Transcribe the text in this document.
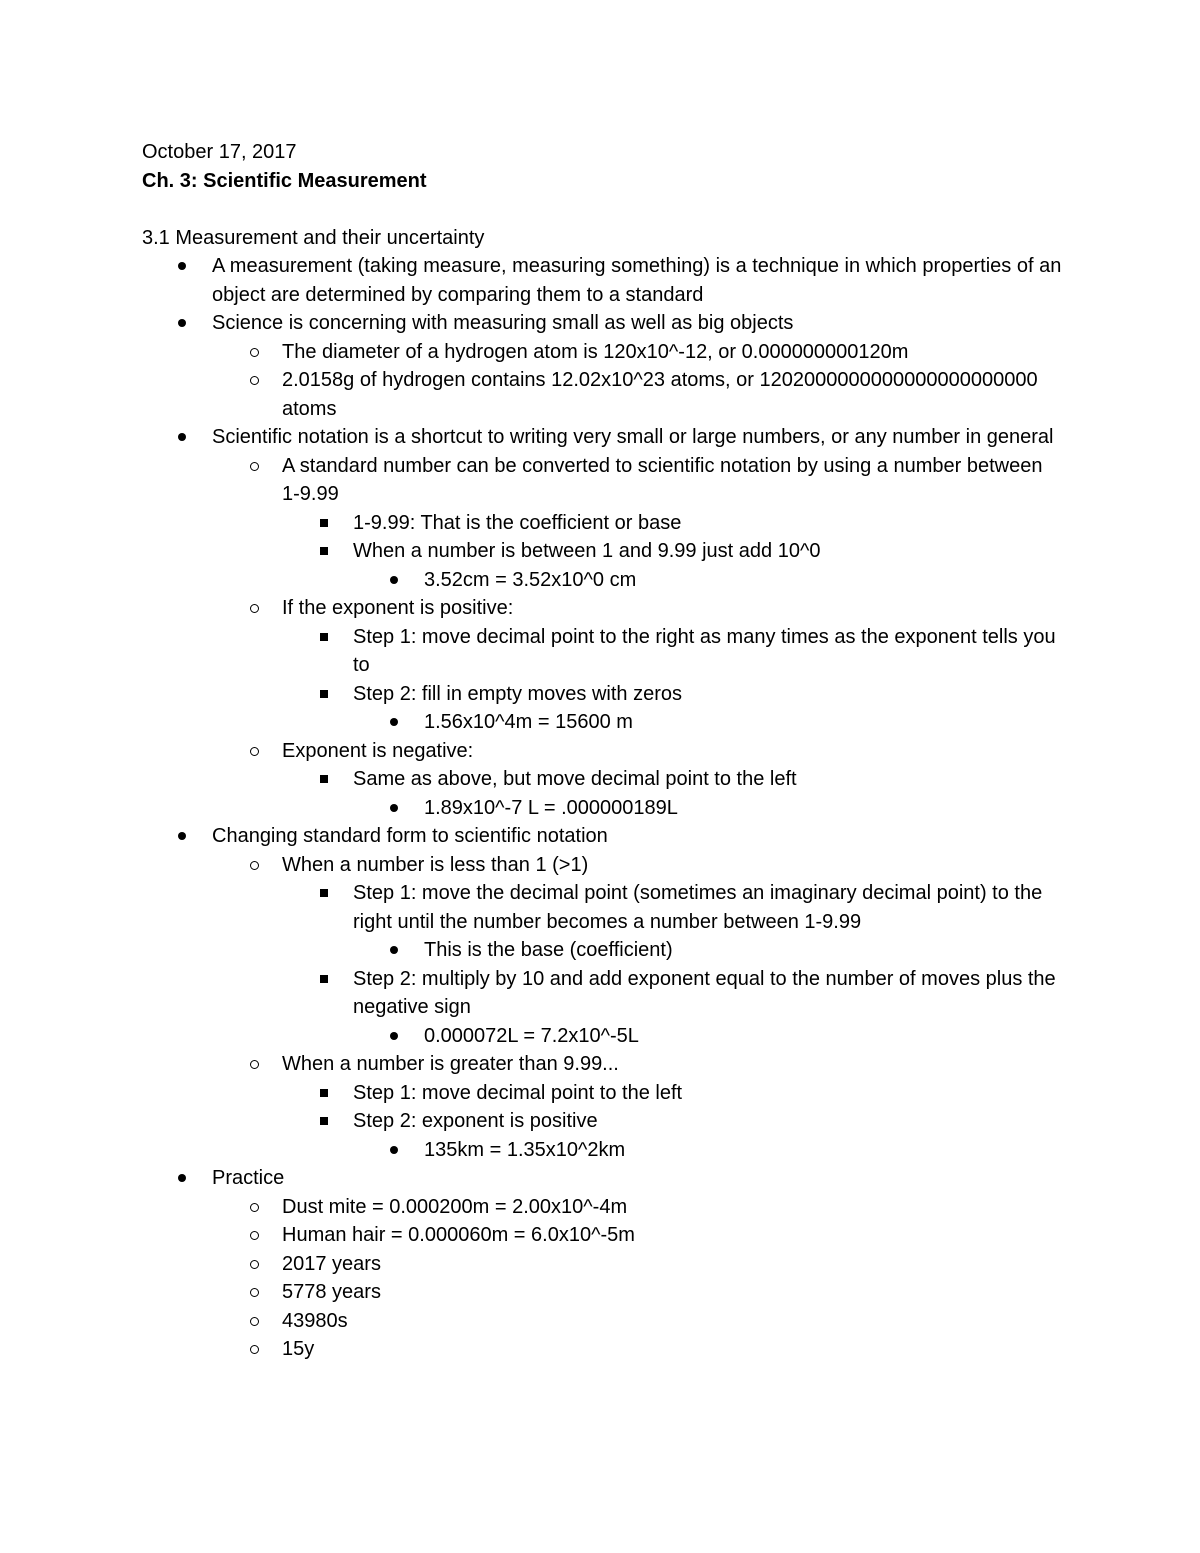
October 17, 2017

Ch. 3: Scientific Measurement

3.1 Measurement and their uncertainty

A measurement (taking measure, measuring something) is a technique in which properties of an object are determined by comparing them to a standard
Science is concerning with measuring small as well as big objects
The diameter of a hydrogen atom is 120x10^-12, or 0.000000000120m
2.0158g of hydrogen contains 12.02x10^23 atoms, or 1202000000000000000000000 atoms
Scientific notation is a shortcut to writing very small or large numbers, or any number in general
A standard number can be converted to scientific notation by using a number between 1-9.99
1-9.99: That is the coefficient or base
When a number is between 1 and 9.99 just add 10^0
3.52cm = 3.52x10^0 cm
If the exponent is positive:
Step 1: move decimal point to the right as many times as the exponent tells you to
Step 2: fill in empty moves with zeros
1.56x10^4m = 15600 m
Exponent is negative:
Same as above, but move decimal point to the left
1.89x10^-7 L = .000000189L
Changing standard form to scientific notation
When a number is less than 1 (>1)
Step 1: move the decimal point (sometimes an imaginary decimal point) to the right until the number becomes a number between 1-9.99
This is the base (coefficient)
Step 2: multiply by 10 and add exponent equal to the number of moves plus the negative sign
0.000072L = 7.2x10^-5L
When a number is greater than 9.99...
Step 1: move decimal point to the left
Step 2: exponent is positive
135km = 1.35x10^2km
Practice
Dust mite = 0.000200m = 2.00x10^-4m
Human hair = 0.000060m = 6.0x10^-5m
2017 years
5778 years
43980s
15y
